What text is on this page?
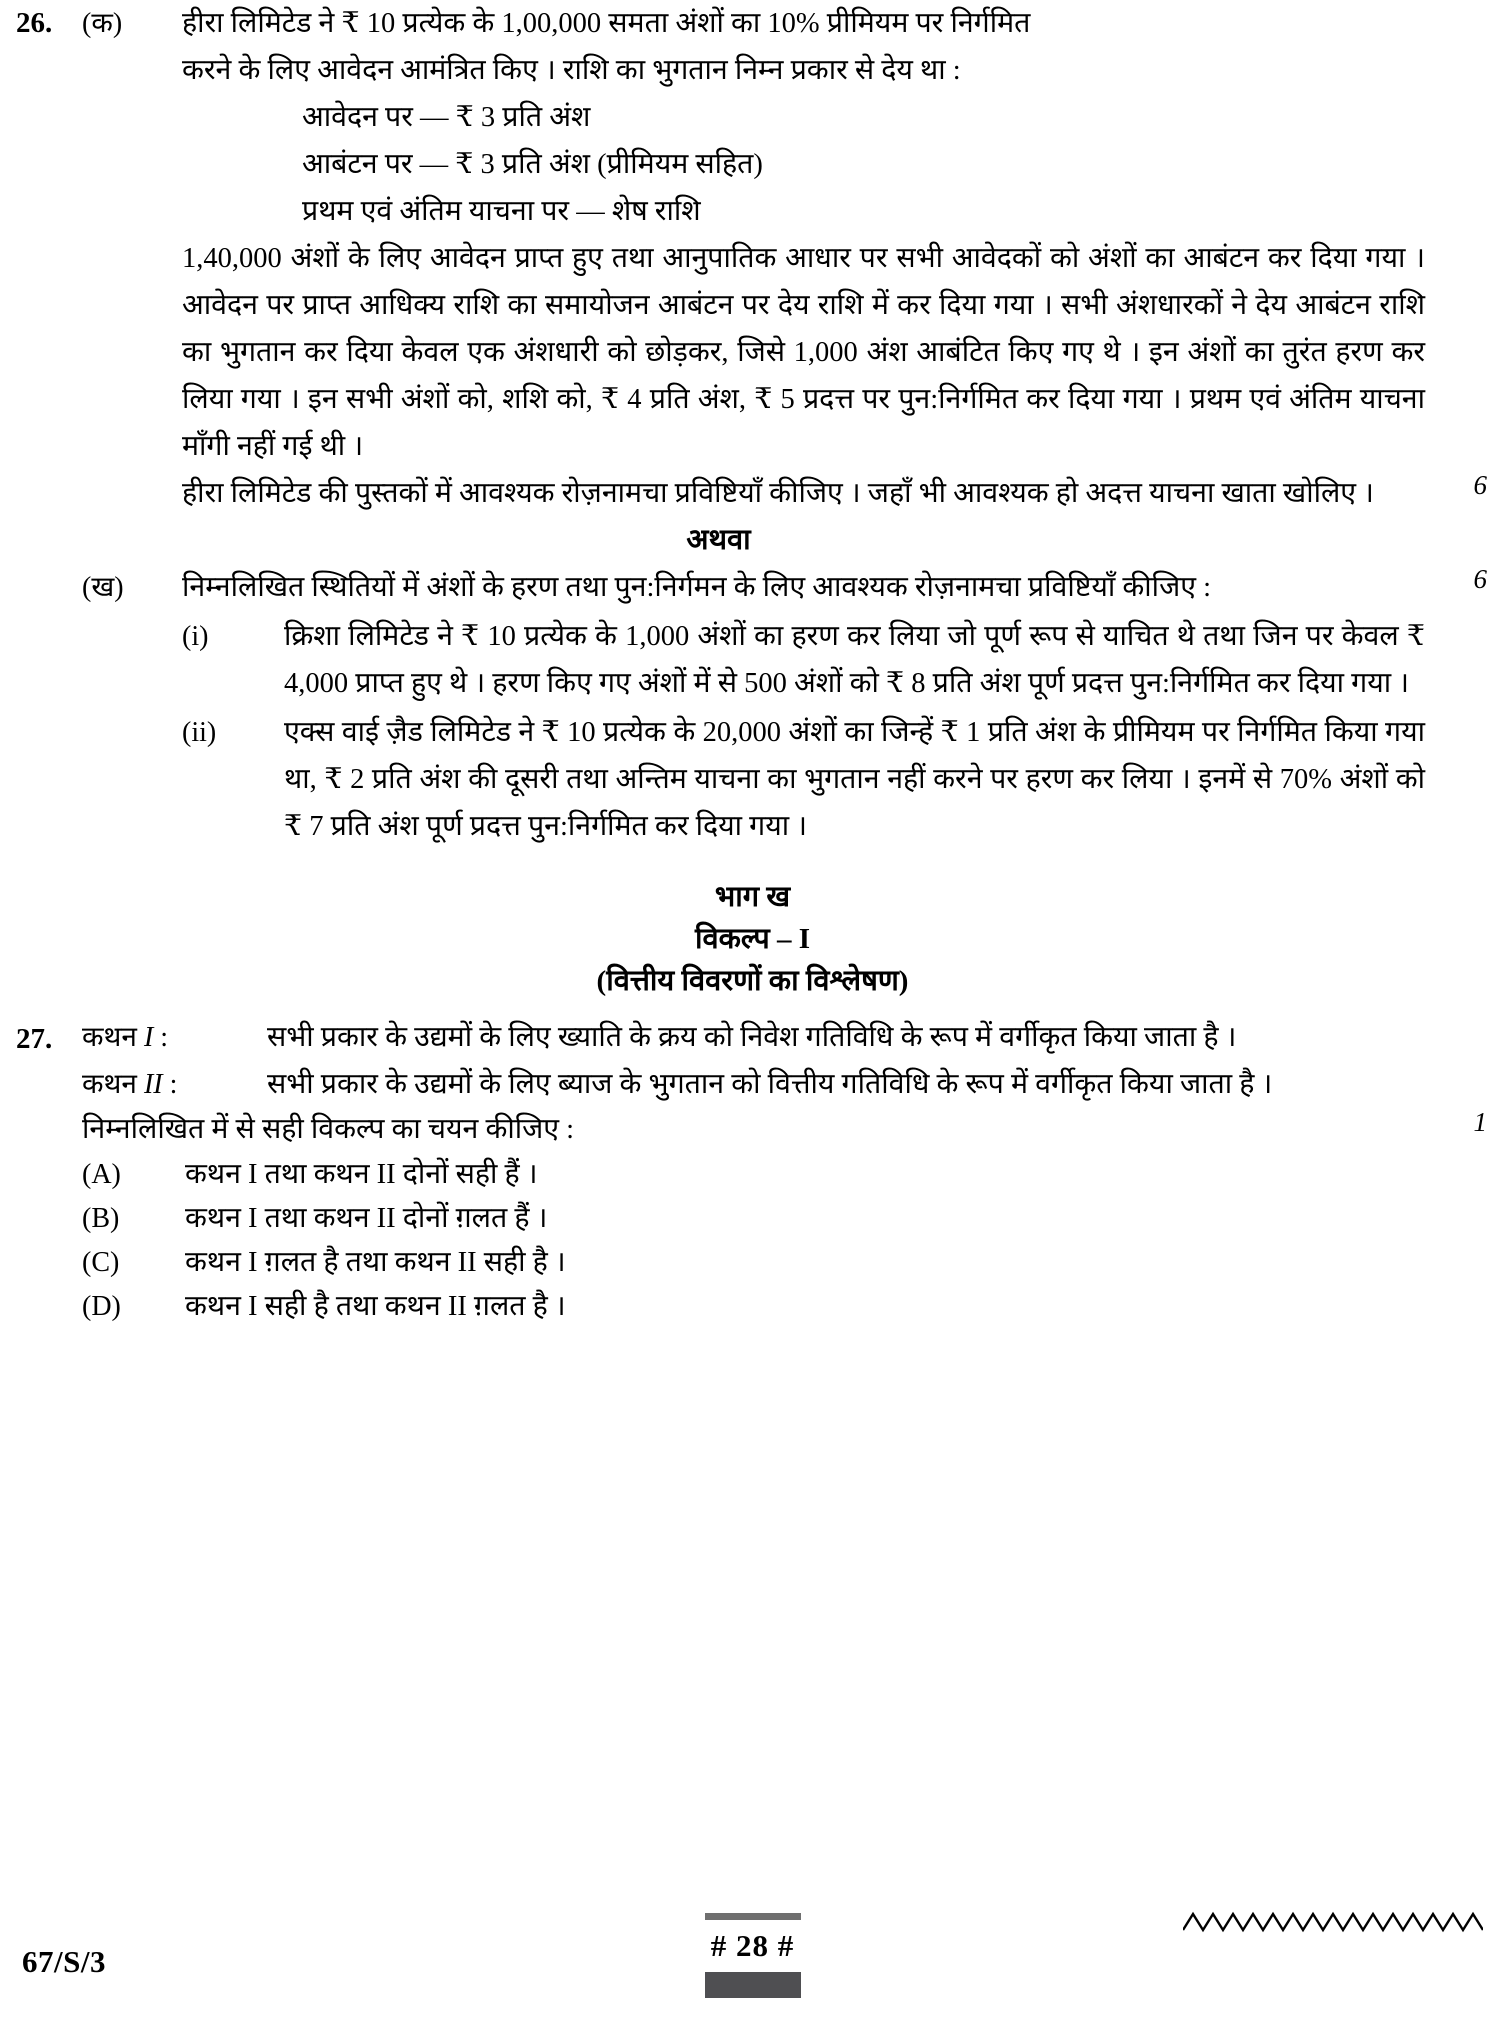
26.	(क)	हीरा लिमिटेड ने ₹ 10 प्रत्येक के 1,00,000 समता अंशों का 10% प्रीमियम पर निर्गमित
करने के लिए आवेदन आमंत्रित किए । राशि का भुगतान निम्न प्रकार से देय था :
आवेदन पर — ₹ 3 प्रति अंश
आबंटन पर — ₹ 3 प्रति अंश (प्रीमियम सहित)
प्रथम एवं अंतिम याचना पर — शेष राशि
1,40,000 अंशों के लिए आवेदन प्राप्त हुए तथा आनुपातिक आधार पर सभी आवेदकों को अंशों का आबंटन कर दिया गया । आवेदन पर प्राप्त आधिक्य राशि का समायोजन आबंटन पर देय राशि में कर दिया गया । सभी अंशधारकों ने देय आबंटन राशि का भुगतान कर दिया केवल एक अंशधारी को छोड़कर, जिसे 1,000 अंश आबंटित किए गए थे । इन अंशों का तुरंत हरण कर लिया गया । इन सभी अंशों को, शशि को, ₹ 4 प्रति अंश, ₹ 5 प्रदत्त पर पुन:निर्गमित कर दिया गया । प्रथम एवं अंतिम याचना माँगी नहीं गई थी ।
हीरा लिमिटेड की पुस्तकों में आवश्यक रोज़नामचा प्रविष्टियाँ कीजिए । जहाँ भी आवश्यक हो अदत्त याचना खाता खोलिए ।	6
अथवा
(ख)	निम्नलिखित स्थितियों में अंशों के हरण तथा पुन:निर्गमन के लिए आवश्यक रोज़नामचा प्रविष्टियाँ कीजिए :	6
(i)	क्रिशा लिमिटेड ने ₹ 10 प्रत्येक के 1,000 अंशों का हरण कर लिया जो पूर्ण रूप से याचित थे तथा जिन पर केवल ₹ 4,000 प्राप्त हुए थे । हरण किए गए अंशों में से 500 अंशों को ₹ 8 प्रति अंश पूर्ण प्रदत्त पुन:निर्गमित कर दिया गया ।
(ii)	एक्स वाई ज़ैड लिमिटेड ने ₹ 10 प्रत्येक के 20,000 अंशों का जिन्हें ₹ 1 प्रति अंश के प्रीमियम पर निर्गमित किया गया था, ₹ 2 प्रति अंश की दूसरी तथा अन्तिम याचना का भुगतान नहीं करने पर हरण कर लिया । इनमें से 70% अंशों को ₹ 7 प्रति अंश पूर्ण प्रदत्त पुन:निर्गमित कर दिया गया ।
भाग ख
विकल्प – I
(वित्तीय विवरणों का विश्लेषण)
27.	कथन I :	सभी प्रकार के उद्यमों के लिए ख्याति के क्रय को निवेश गतिविधि के रूप में वर्गीकृत किया जाता है ।
कथन II :	सभी प्रकार के उद्यमों के लिए ब्याज के भुगतान को वित्तीय गतिविधि के रूप में वर्गीकृत किया जाता है ।
निम्नलिखित में से सही विकल्प का चयन कीजिए :	1
(A)	कथन I तथा कथन II दोनों सही हैं ।
(B)	कथन I तथा कथन II दोनों ग़लत हैं ।
(C)	कथन I ग़लत है तथा कथन II सही है ।
(D)	कथन I सही है तथा कथन II ग़लत है ।
67/S/3	# 28 #
